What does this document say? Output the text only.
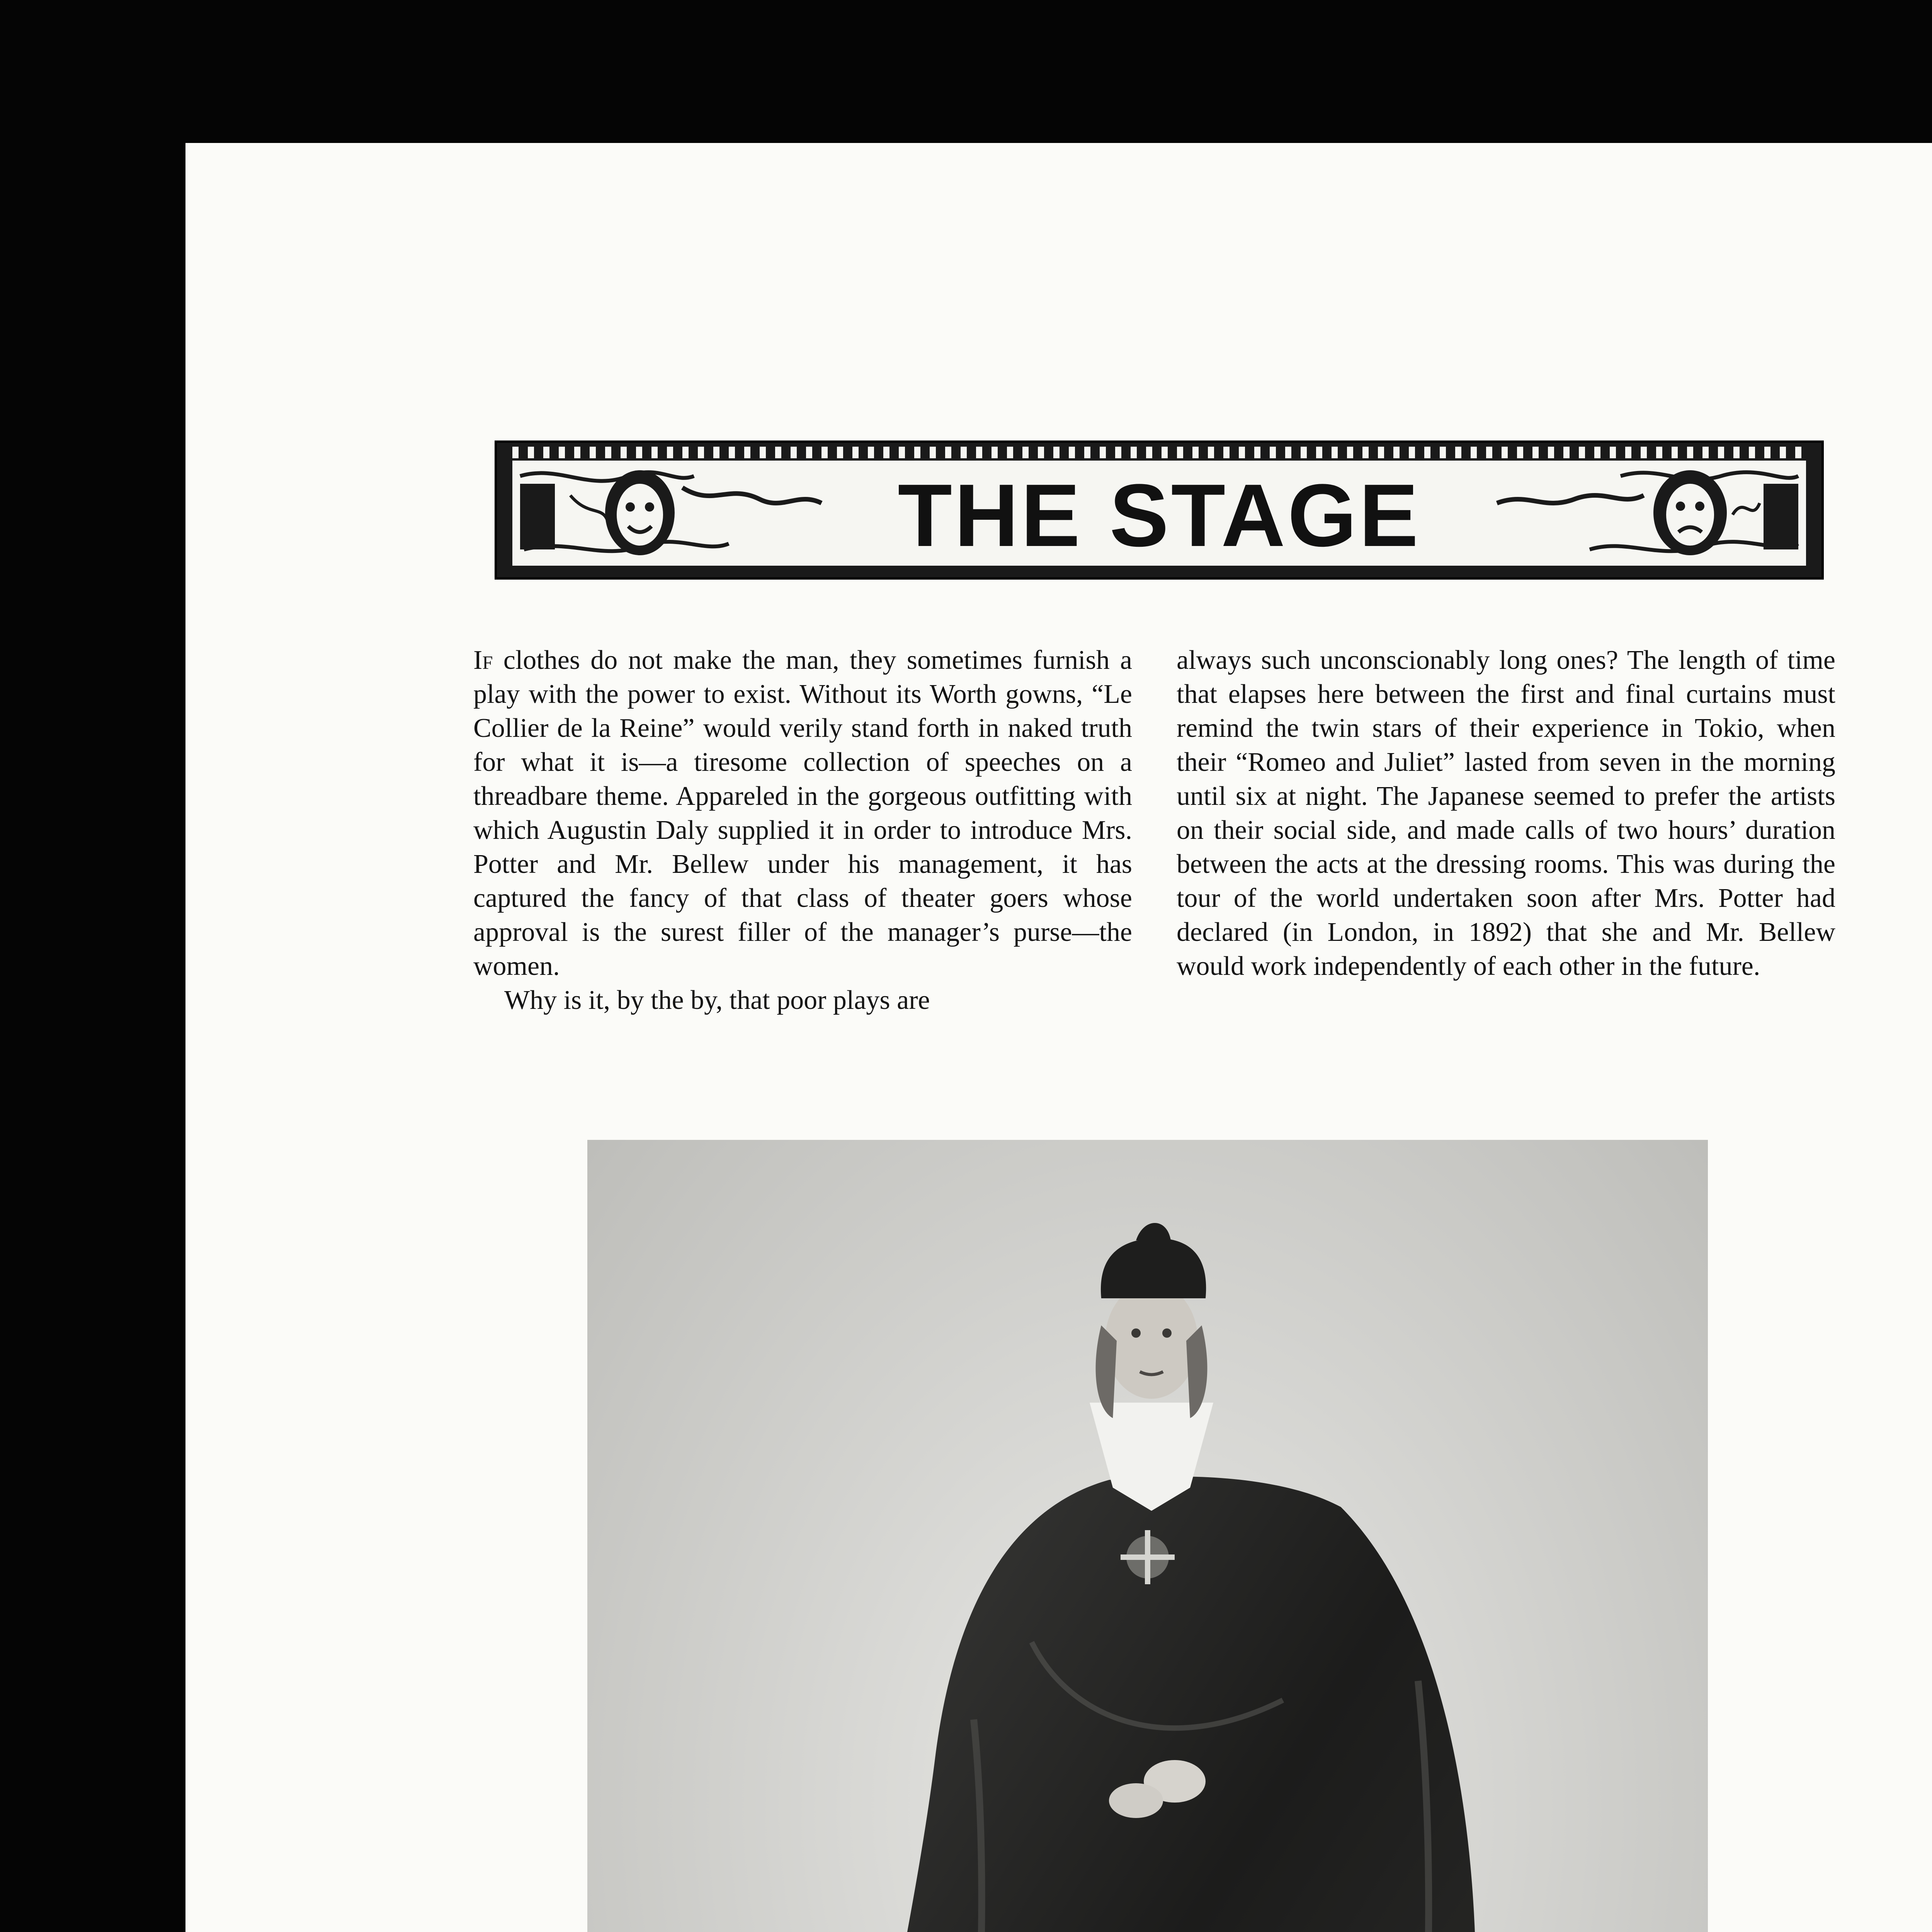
THE STAGE

If clothes do not make the man, they sometimes furnish a play with the power to exist. Without its Worth gowns, “Le Collier de la Reine” would verily stand forth in naked truth for what it is—a tiresome collection of speeches on a threadbare theme. Appareled in the gorgeous outfitting with which Augustin Daly supplied it in order to introduce Mrs. Potter and Mr. Bellew under his management, it has captured the fancy of that class of theater goers whose approval is the surest filler of the manager’s purse—the women.

Why is it, by the by, that poor plays are

always such unconscionably long ones? The length of time that elapses here between the first and final curtains must remind the twin stars of their experience in Tokio, when their “Romeo and Juliet” lasted from seven in the morning until six at night. The Japanese seemed to prefer the artists on their social side, and made calls of two hours’ duration between the acts at the dressing rooms. This was during the tour of the world undertaken soon after Mrs. Potter had declared (in London, in 1892) that she and Mr. Bellew would work independently of each other in the future.
